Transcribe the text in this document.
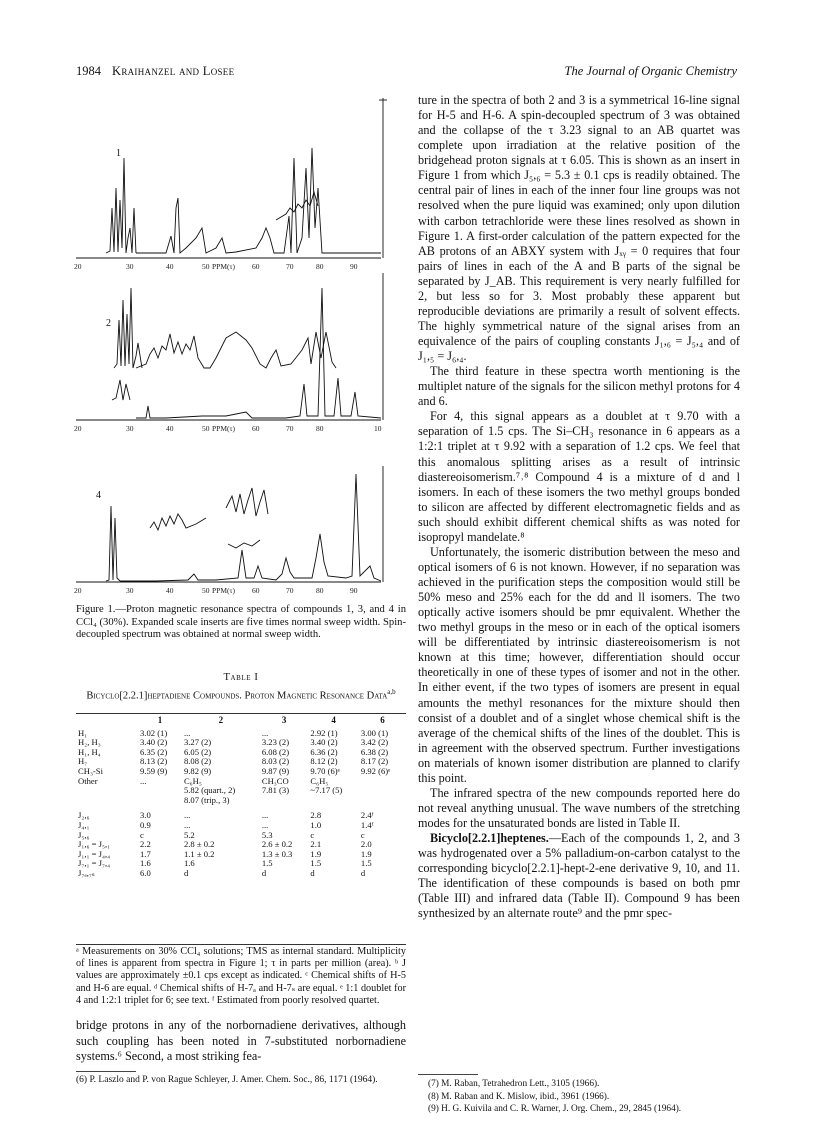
1984 Kraihanzel and Losee	The Journal of Organic Chemistry
1
2
4
20	30	40	50 PPM(τ) 60	70	80	90
20	30	40	50 PPM(τ) 60	70	80	10
20	30	40	50 PPM(τ) 60	70	80	90
Figure 1.—Proton magnetic resonance spectra of compounds 1, 3, and 4 in CCl₄ (30%). Expanded scale inserts are five times normal sweep width. Spin-decoupled spectrum was obtained at normal sweep width.
Table I
Bicyclo[2.2.1]heptadiene Compounds. Proton Magnetic Resonance Data$^{a,b}$
	1	2	3	4	6
H₁	3.02 (1)	...	...	2.92 (1)	3.00 (1)
H₂, H₃	3.40 (2)	3.27 (2)	3.23 (2)	3.40 (2)	3.42 (2)
H₁, H₄	6.35 (2)	6.05 (2)	6.08 (2)	6.36 (2)	6.38 (2)
H₇	8.13 (2)	8.08 (2)	8.03 (2)	8.12 (2)	8.17 (2)
CH₃-Si	9.59 (9)	9.82 (9)	9.87 (9)	9.70 (6)ᵉ	9.92 (6)ᵉ
Other	...	C₆H₅	CH₃CO	C₆H₅	
		5.82 (quart., 2)	7.81 (3)	~7.17 (5)	
		8.07 (trip., 3)			
J₂,₆	3.0	...	...	2.8	2.4ᶠ
J₄,₁	0.9	...	...	1.0	1.4ᶠ
J₅,₆	c	5.2	5.3	c	c
J₁,₆ = J₅,₁	2.2	2.8 ± 0.2	2.6 ± 0.2	2.1	2.0
J₁,₁ = J₄,₄	1.7	1.1 ± 0.2	1.3 ± 0.3	1.9	1.9
J₇,₁ = J₇,₄	1.6	1.6	1.5	1.5	1.5
J₇ₐ,₇ₛ	6.0	d	d	d	d
ᵃ Measurements on 30% CCl₄ solutions; TMS as internal standard. Multiplicity of lines is apparent from spectra in Figure 1; τ in parts per million (area). ᵇ J values are approximately ±0.1 cps except as indicated. ᶜ Chemical shifts of H-5 and H-6 are equal. ᵈ Chemical shifts of H-7ₐ and H-7ₛ are equal. ᵉ 1:1 doublet for 4 and 1:2:1 triplet for 6; see text. ᶠ Estimated from poorly resolved quartet.
bridge protons in any of the norbornadiene derivatives, although such coupling has been noted in 7-substituted norbornadiene systems.⁶ Second, a most striking fea-
(6) P. Laszlo and P. von Rague Schleyer, J. Amer. Chem. Soc., 86, 1171 (1964).

ture in the spectra of both 2 and 3 is a symmetrical 16-line signal for H-5 and H-6. A spin-decoupled spectrum of 3 was obtained and the collapse of the τ 3.23 signal to an AB quartet was complete upon irradiation at the relative position of the bridgehead proton signals at τ 6.05. This is shown as an insert in Figure 1 from which J₅,₆ = 5.3 ± 0.1 cps is readily obtained. The central pair of lines in each of the inner four line groups was not resolved when the pure liquid was examined; only upon dilution with carbon tetrachloride were these lines resolved as shown in Figure 1. A first-order calculation of the pattern expected for the AB protons of an ABXY system with Jₓᵧ = 0 requires that four pairs of lines in each of the A and B parts of the signal be separated by J_AB. This requirement is very nearly fulfilled for 2, but less so for 3. Most probably these apparent but reproducible deviations are primarily a result of solvent effects. The highly symmetrical nature of the signal arises from an equivalence of the pairs of coupling constants J₁,₆ = J₅,₄ and of J₁,₅ = J₆,₄.

The third feature in these spectra worth mentioning is the multiplet nature of the signals for the silicon methyl protons for 4 and 6.

For 4, this signal appears as a doublet at τ 9.70 with a separation of 1.5 cps. The Si–CH₃ resonance in 6 appears as a 1:2:1 triplet at τ 9.92 with a separation of 1.2 cps. We feel that this anomalous splitting arises as a result of intrinsic diastereoisomerism.⁷˒⁸ Compound 4 is a mixture of d and l isomers. In each of these isomers the two methyl groups bonded to silicon are affected by different electromagnetic fields and as such should exhibit different chemical shifts as was noted for isopropyl mandelate.⁸

Unfortunately, the isomeric distribution between the meso and optical isomers of 6 is not known. However, if no separation was achieved in the purification steps the composition would still be 50% meso and 25% each for the dd and ll isomers. The two optically active isomers should be pmr equivalent. Whether the two methyl groups in the meso or in each of the optical isomers will be differentiated by intrinsic diastereoisomerism is not known at this time; however, differentiation should occur theoretically in one of these types of isomer and not in the other. In either event, if the two types of isomers are present in equal amounts the methyl resonances for the mixture should then consist of a doublet and of a singlet whose chemical shift is the average of the chemical shifts of the lines of the doublet. This is in agreement with the observed spectrum. Further investigations on materials of known isomer distribution are planned to clarify this point.

The infrared spectra of the new compounds reported here do not reveal anything unusual. The wave numbers of the stretching modes for the unsaturated bonds are listed in Table II.

Bicyclo[2.2.1]heptenes.—Each of the compounds 1, 2, and 3 was hydrogenated over a 5% palladium-on-carbon catalyst to the corresponding bicyclo[2.2.1]-hept-2-ene derivative 9, 10, and 11. The identification of these compounds is based on both pmr (Table III) and infrared data (Table II). Compound 9 has been synthesized by an alternate route⁹ and the pmr spec-

(7) M. Raban, Tetrahedron Lett., 3105 (1966).
(8) M. Raban and K. Mislow, ibid., 3961 (1966).
(9) H. G. Kuivila and C. R. Warner, J. Org. Chem., 29, 2845 (1964).
